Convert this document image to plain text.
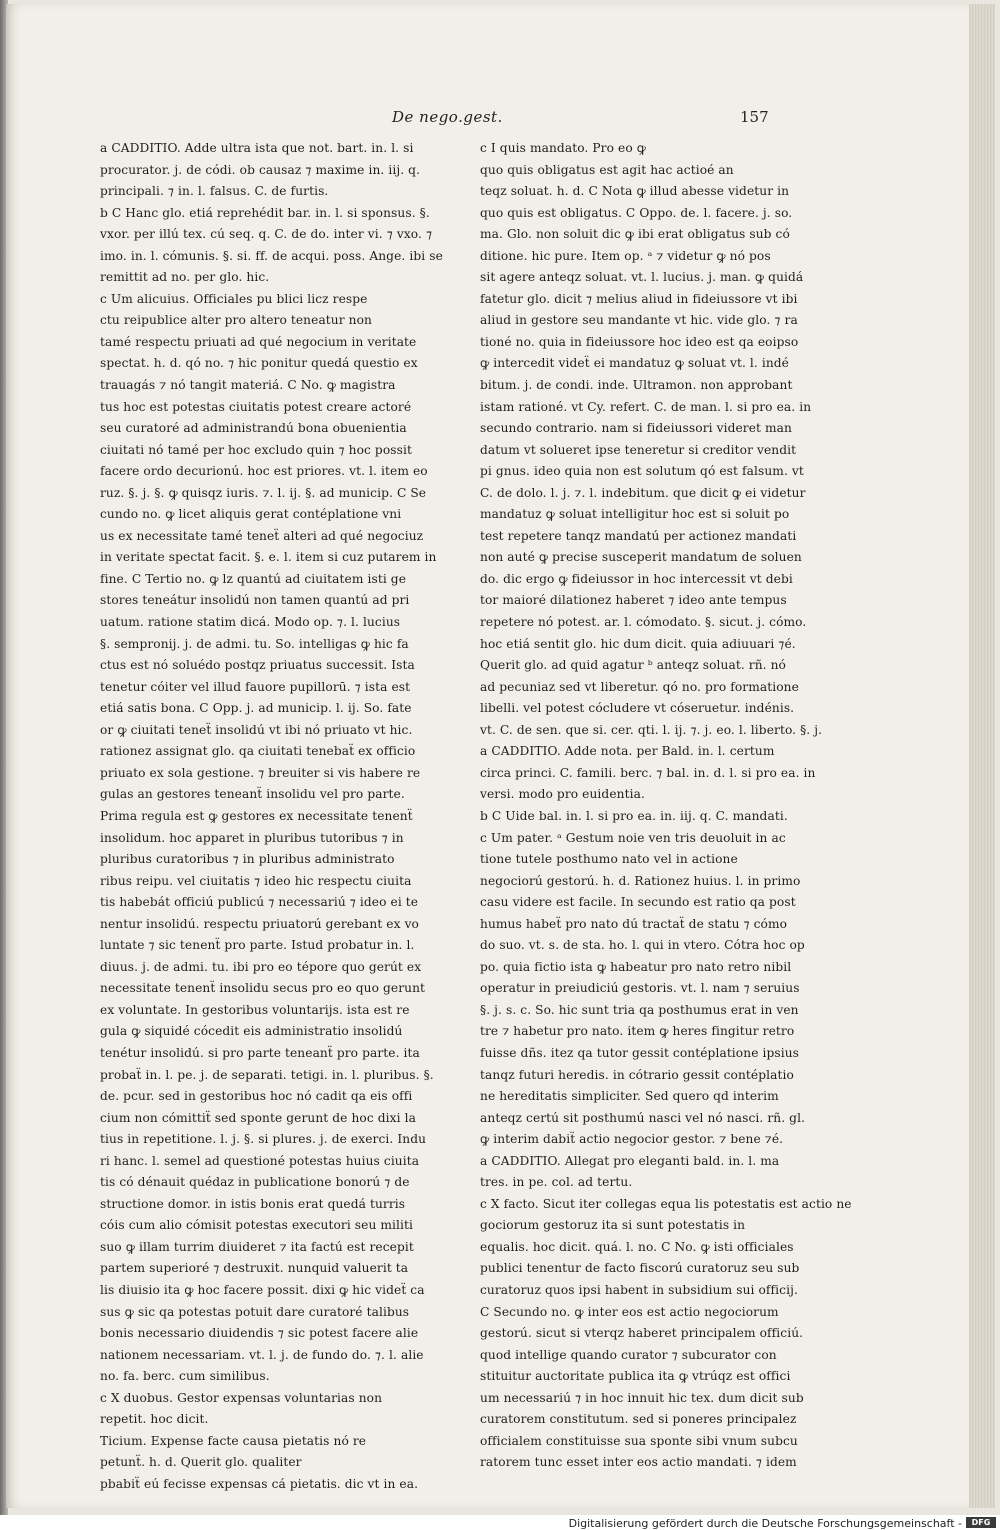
De nego.gest.	157
a CADDITIO. Adde ultra ista que not. bart. in. l. si
procurator. j. de códi. ob causaz ⁊ maxime in. iij. q.
principali. ⁊ in. l. falsus. C. de furtis.
b C Hanc glo. etiá reprehédit bar. in. l. si sponsus. §.
vxor. per illú tex. cú seq. q. C. de do. inter vi. ⁊ vxo. ⁊
imo. in. l. cómunis. §. si. ff. de acqui. poss. Ange. ibi se
remittit ad no. per glo. hic.
c Um alicuius. Officiales pu blici licz respe
ctu reipublice alter pro altero teneatur non
tamé respectu priuati ad qué negocium in veritate
spectat. h. d. qó no. ⁊ hic ponitur quedá questio ex
trauagás ⁊ nó tangit materiá. C No. ꝙ magistra
tus hoc est potestas ciuitatis potest creare actoré
seu curatoré ad administrandú bona obuenientia
ciuitati nó tamé per hoc excludo quin ⁊ hoc possit
facere ordo decurionú. hoc est priores. vt. l. item eo
ruz. §. j. §. ꝙ quisqz iuris. ⁊. l. ij. §. ad municip. C Se
cundo no. ꝙ licet aliquis gerat contéplatione vni
us ex necessitate tamé teneẗ alteri ad qué negociuz
in veritate spectat facit. §. e. l. item si cuz putarem in
fine. C Tertio no. ꝙ lz quantú ad ciuitatem isti ge
stores teneátur insolidú non tamen quantú ad pri
uatum. ratione statim dicá. Modo op. ⁊. l. lucius
§. sempronij. j. de admi. tu. So. intelligas ꝙ hic fa
ctus est nó soluédo postqz priuatus successit. Ista
tenetur cóiter vel illud fauore pupillorū. ⁊ ista est
etiá satis bona. C Opp. j. ad municip. l. ij. So. fate
or ꝙ ciuitati teneẗ insolidú vt ibi nó priuato vt hic.
rationez assignat glo. qa ciuitati tenebaẗ ex officio
priuato ex sola gestione. ⁊ breuiter si vis habere re
gulas an gestores teneanẗ insolidu vel pro parte.
Prima regula est ꝙ gestores ex necessitate tenenẗ
insolidum. hoc apparet in pluribus tutoribus ⁊ in
pluribus curatoribus ⁊ in pluribus administrato
ribus reipu. vel ciuitatis ⁊ ideo hic respectu ciuita
tis habebát officiú publicú ⁊ necessariú ⁊ ideo ei te
nentur insolidú. respectu priuatorú gerebant ex vo
luntate ⁊ sic tenenẗ pro parte. Istud probatur in. l.
diuus. j. de admi. tu. ibi pro eo tépore quo gerút ex
necessitate tenenẗ insolidu secus pro eo quo gerunt
ex voluntate. In gestoribus voluntarijs. ista est re
gula ꝙ siquidé cócedit eis administratio insolidú
tenétur insolidú. si pro parte teneanẗ pro parte. ita
probaẗ in. l. pe. j. de separati. tetigi. in. l. pluribus. §.
de. pcur. sed in gestoribus hoc nó cadit qa eis offi
cium non cómittiẗ sed sponte gerunt de hoc dixi la
tius in repetitione. l. j. §. si plures. j. de exerci. Indu
ri hanc. l. semel ad questioné potestas huius ciuita
tis có dénauit quédaz in publicatione bonorú ⁊ de
structione domor. in istis bonis erat quedá turris
cóis cum alio cómisit potestas executori seu militi
suo ꝙ illam turrim diuideret ⁊ ita factú est recepit
partem superioré ⁊ destruxit. nunquid valuerit ta
lis diuisio ita ꝙ hoc facere possit. dixi ꝙ hic videẗ ca
sus ꝙ sic qa potestas potuit dare curatoré talibus
bonis necessario diuidendis ⁊ sic potest facere alie
nationem necessariam. vt. l. j. de fundo do. ⁊. l. alie
no. fa. berc. cum similibus.
c X duobus. Gestor expensas voluntarias non
repetit. hoc dicit.
Ticium. Expense facte causa pietatis nó re
petunẗ. h. d. Querit glo. qualiter
pbabiẗ eú fecisse expensas cá pietatis. dic vt in ea.
c I quis mandato. Pro eo ꝙ
quo quis obligatus est agit hac actioé an
teqz soluat. h. d. C Nota ꝙ illud abesse videtur in
quo quis est obligatus. C Oppo. de. l. facere. j. so.
ma. Glo. non soluit dic ꝙ ibi erat obligatus sub có
ditione. hic pure. Item op. ᵃ ⁊ videtur ꝙ nó pos
sit agere anteqz soluat. vt. l. lucius. j. man. ꝙ quidá
fatetur glo. dicit ⁊ melius aliud in fideiussore vt ibi
aliud in gestore seu mandante vt hic. vide glo. ⁊ ra
tioné no. quia in fideiussore hoc ideo est qa eoipso
ꝙ intercedit videẗ ei mandatuz ꝙ soluat vt. l. indé
bitum. j. de condi. inde. Ultramon. non approbant
istam rationé. vt Cy. refert. C. de man. l. si pro ea. in
secundo contrario. nam si fideiussori videret man
datum vt solueret ipse teneretur si creditor vendit
pi gnus. ideo quia non est solutum qó est falsum. vt
C. de dolo. l. j. ⁊. l. indebitum. que dicit ꝙ ei videtur
mandatuz ꝙ soluat intelligitur hoc est si soluit po
test repetere tanqz mandatú per actionez mandati
non auté ꝙ precise susceperit mandatum de soluen
do. dic ergo ꝙ fideiussor in hoc intercessit vt debi
tor maioré dilationez haberet ⁊ ideo ante tempus
repetere nó potest. ar. l. cómodato. §. sicut. j. cómo.
hoc etiá sentit glo. hic dum dicit. quia adiuuari ⁊é.
Querit glo. ad quid agatur ᵇ anteqz soluat. rñ. nó
ad pecuniaz sed vt liberetur. qó no. pro formatione
libelli. vel potest cócludere vt cóseruetur. indénis.
vt. C. de sen. que si. cer. qti. l. ij. ⁊. j. eo. l. liberto. §. j.
a CADDITIO. Adde nota. per Bald. in. l. certum
circa princi. C. famili. berc. ⁊ bal. in. d. l. si pro ea. in
versi. modo pro euidentia.
b C Uide bal. in. l. si pro ea. in. iij. q. C. mandati.
c Um pater. ᵃ Gestum noie ven tris deuoluit in ac
tione tutele posthumo nato vel in actione
negociorú gestorú. h. d. Rationez huius. l. in primo
casu videre est facile. In secundo est ratio qa post
humus habeẗ pro nato dú tractaẗ de statu ⁊ cómo
do suo. vt. s. de sta. ho. l. qui in vtero. Cótra hoc op
po. quia fictio ista ꝙ habeatur pro nato retro nibil
operatur in preiudiciú gestoris. vt. l. nam ⁊ seruius
§. j. s. c. So. hic sunt tria qa posthumus erat in ven
tre ⁊ habetur pro nato. item ꝙ heres fingitur retro
fuisse dñs. itez qa tutor gessit contéplatione ipsius
tanqz futuri heredis. in cótrario gessit contéplatio
ne hereditatis simpliciter. Sed quero qd interim
anteqz certú sit posthumú nasci vel nó nasci. rñ. gl.
ꝙ interim dabiẗ actio negocior gestor. ⁊ bene ⁊é.
a CADDITIO. Allegat pro eleganti bald. in. l. ma
tres. in pe. col. ad tertu.
c X facto. Sicut iter collegas equa lis potestatis est actio ne
gociorum gestoruz ita si sunt potestatis in
equalis. hoc dicit. quá. l. no. C No. ꝙ isti officiales
publici tenentur de facto fiscorú curatoruz seu sub
curatoruz quos ipsi habent in subsidium sui officij.
C Secundo no. ꝙ inter eos est actio negociorum
gestorú. sicut si vterqz haberet principalem officiú.
quod intellige quando curator ⁊ subcurator con
stituitur auctoritate publica ita ꝙ vtrúqz est offici
um necessariú ⁊ in hoc innuit hic tex. dum dicit sub
curatorem constitutum. sed si poneres principalez
officialem constituisse sua sponte sibi vnum subcu
ratorem tunc esset inter eos actio mandati. ⁊ idem
Digitalisierung gefördert durch die Deutsche Forschungsgemeinschaft -	DFG
